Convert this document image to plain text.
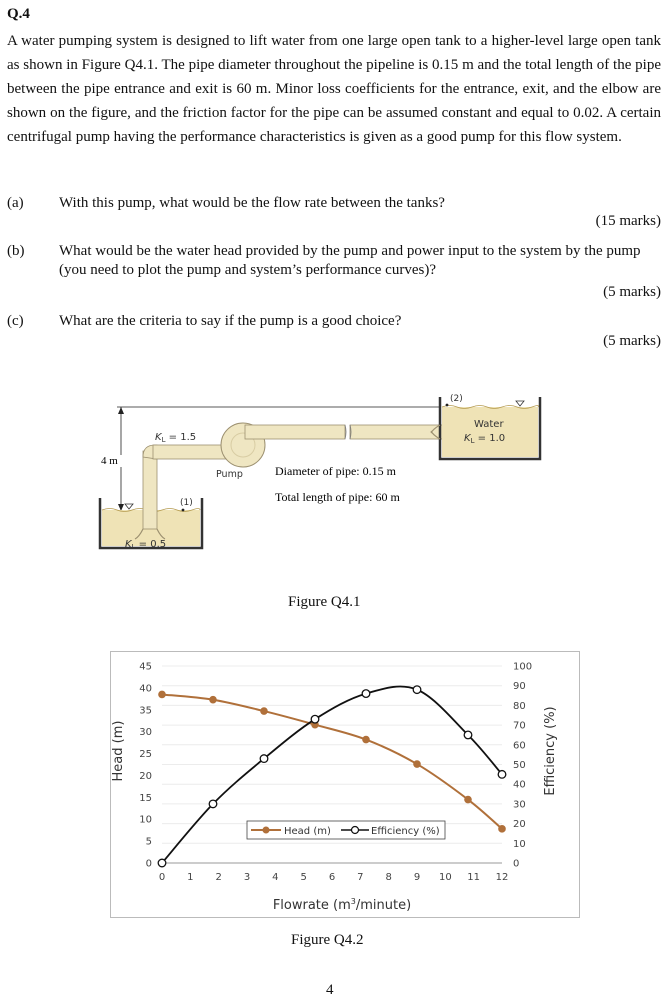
Q.4
A water pumping system is designed to lift water from one large open tank to a higher-level large open tank as shown in Figure Q4.1. The pipe diameter throughout the pipeline is 0.15 m and the total length of the pipe between the pipe entrance and exit is 60 m. Minor loss coefficients for the entrance, exit, and the elbow are shown on the figure, and the friction factor for the pipe can be assumed constant and equal to 0.02. A certain centrifugal pump having the performance characteristics is given as a good pump for this flow system.
(a) With this pump, what would be the flow rate between the tanks?
(15 marks)
(b) What would be the water head provided by the pump and power input to the system by the pump (you need to plot the pump and system’s performance curves)?
(5 marks)
(c) What are the criteria to say if the pump is a good choice?
(5 marks)
4 m
(1)
$K_L = 0.5$
$K_L = 1.5$
Pump
(2)
Water
$K_L = 1.0$
Diameter of pipe: 0.15 m
Total length of pipe: 60 m
Figure Q4.1
0 1 2 3 4 5 6 7 8 9 10 11 12
0
5
10
15
20
25
30
35
40
45
0
10
20
30
40
50
60
70
80
90
100
Head (m)	Efficiency (%)
Flowrate $(m^3/minute)$
Head (m)	Efficiency (%)
Figure Q4.2
4
